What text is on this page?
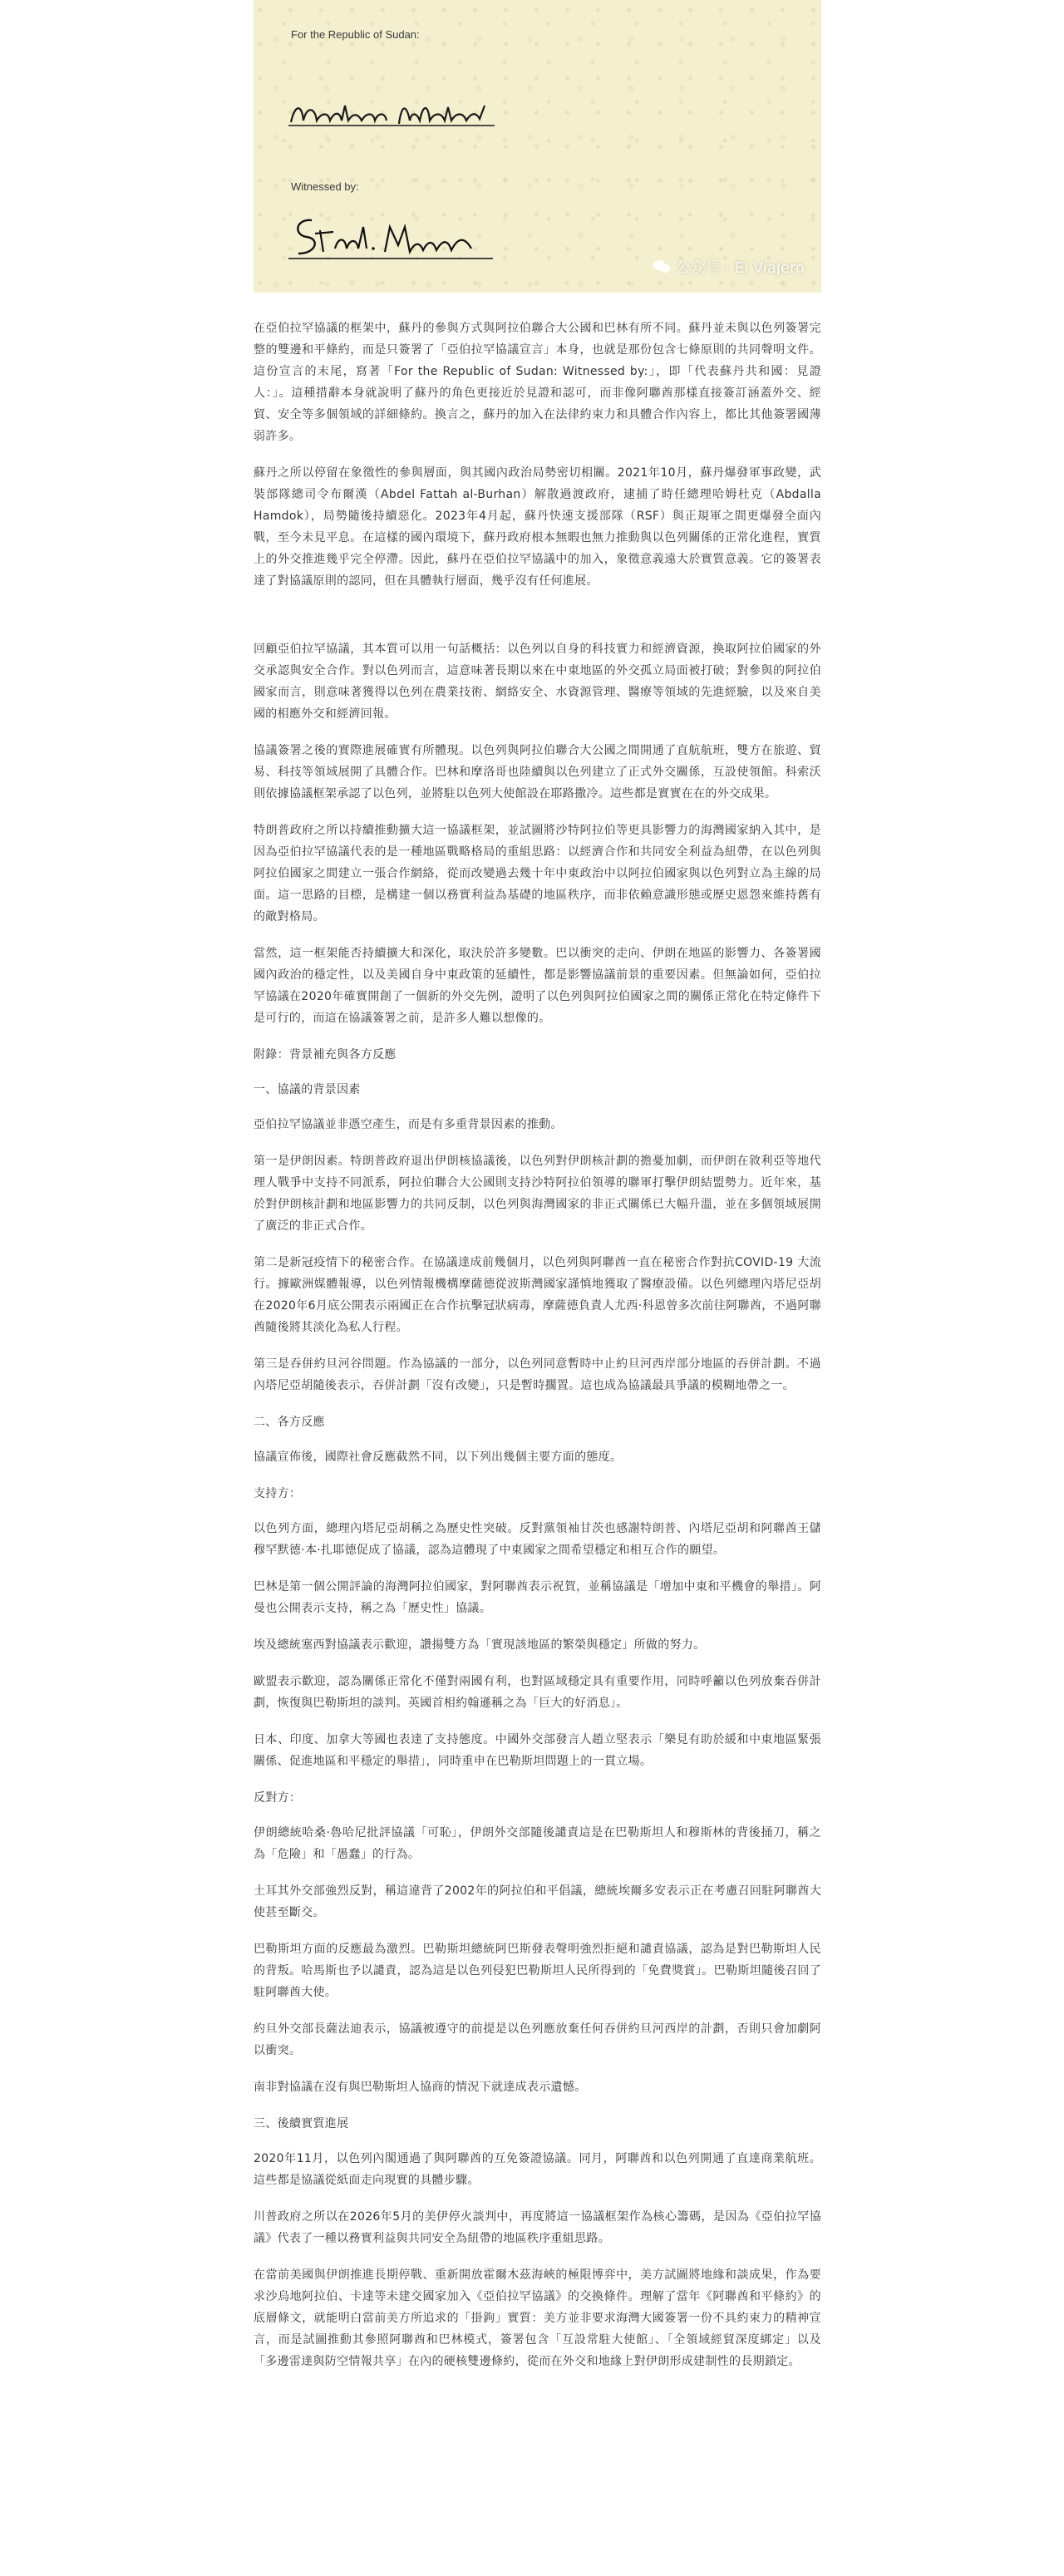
For the Republic of Sudan:
Witnessed by:
公众号 · El Viajero

在亞伯拉罕協議的框架中，蘇丹的參與方式與阿拉伯聯合大公國和巴林有所不同。蘇丹並未與以色列簽署完整的雙邊和平條約，而是只簽署了「亞伯拉罕協議宣言」本身，也就是那份包含七條原則的共同聲明文件。這份宣言的末尾，寫著「For the Republic of Sudan: Witnessed by:」，即「代表蘇丹共和國：見證人：」。這種措辭本身就說明了蘇丹的角色更接近於見證和認可，而非像阿聯酋那樣直接簽訂涵蓋外交、經貿、安全等多個領域的詳細條約。換言之，蘇丹的加入在法律約束力和具體合作內容上，都比其他簽署國薄弱許多。

蘇丹之所以停留在象徵性的參與層面，與其國內政治局勢密切相關。2021年10月，蘇丹爆發軍事政變，武裝部隊總司令布爾漢（Abdel Fattah al-Burhan）解散過渡政府，逮捕了時任總理哈姆杜克（Abdalla Hamdok），局勢隨後持續惡化。2023年4月起，蘇丹快速支援部隊（RSF）與正規軍之間更爆發全面內戰，至今未見平息。在這樣的國內環境下，蘇丹政府根本無暇也無力推動與以色列關係的正常化進程，實質上的外交推進幾乎完全停滯。因此，蘇丹在亞伯拉罕協議中的加入，象徵意義遠大於實質意義。它的簽署表達了對協議原則的認同，但在具體執行層面，幾乎沒有任何進展。

回顧亞伯拉罕協議，其本質可以用一句話概括：以色列以自身的科技實力和經濟資源，換取阿拉伯國家的外交承認與安全合作。對以色列而言，這意味著長期以來在中東地區的外交孤立局面被打破；對參與的阿拉伯國家而言，則意味著獲得以色列在農業技術、網絡安全、水資源管理、醫療等領域的先進經驗，以及來自美國的相應外交和經濟回報。

協議簽署之後的實際進展確實有所體現。以色列與阿拉伯聯合大公國之間開通了直航航班，雙方在旅遊、貿易、科技等領域展開了具體合作。巴林和摩洛哥也陸續與以色列建立了正式外交關係，互設使領館。科索沃則依據協議框架承認了以色列，並將駐以色列大使館設在耶路撒冷。這些都是實實在在的外交成果。

特朗普政府之所以持續推動擴大這一協議框架，並試圖將沙特阿拉伯等更具影響力的海灣國家納入其中，是因為亞伯拉罕協議代表的是一種地區戰略格局的重組思路：以經濟合作和共同安全利益為紐帶，在以色列與阿拉伯國家之間建立一張合作網絡，從而改變過去幾十年中東政治中以阿拉伯國家與以色列對立為主線的局面。這一思路的目標，是構建一個以務實利益為基礎的地區秩序，而非依賴意識形態或歷史恩怨來維持舊有的敵對格局。

當然，這一框架能否持續擴大和深化，取決於許多變數。巴以衝突的走向、伊朗在地區的影響力、各簽署國國內政治的穩定性，以及美國自身中東政策的延續性，都是影響協議前景的重要因素。但無論如何，亞伯拉罕協議在2020年確實開創了一個新的外交先例，證明了以色列與阿拉伯國家之間的關係正常化在特定條件下是可行的，而這在協議簽署之前，是許多人難以想像的。

附錄：背景補充與各方反應

一、協議的背景因素

亞伯拉罕協議並非憑空產生，而是有多重背景因素的推動。

第一是伊朗因素。特朗普政府退出伊朗核協議後，以色列對伊朗核計劃的擔憂加劇，而伊朗在敘利亞等地代理人戰爭中支持不同派系，阿拉伯聯合大公國則支持沙特阿拉伯領導的聯軍打擊伊朗結盟勢力。近年來，基於對伊朗核計劃和地區影響力的共同反制，以色列與海灣國家的非正式關係已大幅升溫，並在多個領域展開了廣泛的非正式合作。

第二是新冠疫情下的秘密合作。在協議達成前幾個月，以色列與阿聯酋一直在秘密合作對抗COVID-19 大流行。據歐洲媒體報導，以色列情報機構摩薩德從波斯灣國家謹慎地獲取了醫療設備。以色列總理內塔尼亞胡在2020年6月底公開表示兩國正在合作抗擊冠狀病毒，摩薩德負責人尤西·科恩曾多次前往阿聯酋，不過阿聯酋隨後將其淡化為私人行程。

第三是吞併約旦河谷問題。作為協議的一部分，以色列同意暫時中止約旦河西岸部分地區的吞併計劃。不過內塔尼亞胡隨後表示，吞併計劃「沒有改變」，只是暫時擱置。這也成為協議最具爭議的模糊地帶之一。

二、各方反應

協議宣佈後，國際社會反應截然不同，以下列出幾個主要方面的態度。

支持方：

以色列方面，總理內塔尼亞胡稱之為歷史性突破。反對黨領袖甘茨也感謝特朗普、內塔尼亞胡和阿聯酋王儲穆罕默德·本·扎耶德促成了協議，認為這體現了中東國家之間希望穩定和相互合作的願望。

巴林是第一個公開評論的海灣阿拉伯國家，對阿聯酋表示祝賀，並稱協議是「增加中東和平機會的舉措」。阿曼也公開表示支持，稱之為「歷史性」協議。

埃及總統塞西對協議表示歡迎，讚揚雙方為「實現該地區的繁榮與穩定」所做的努力。

歐盟表示歡迎，認為關係正常化不僅對兩國有利，也對區域穩定具有重要作用，同時呼籲以色列放棄吞併計劃，恢復與巴勒斯坦的談判。英國首相約翰遜稱之為「巨大的好消息」。

日本、印度、加拿大等國也表達了支持態度。中國外交部發言人趙立堅表示「樂見有助於緩和中東地區緊張關係、促進地區和平穩定的舉措」，同時重申在巴勒斯坦問題上的一貫立場。

反對方：

伊朗總統哈桑·魯哈尼批評協議「可恥」，伊朗外交部隨後譴責這是在巴勒斯坦人和穆斯林的背後捅刀，稱之為「危險」和「愚蠢」的行為。

土耳其外交部強烈反對，稱這違背了2002年的阿拉伯和平倡議，總統埃爾多安表示正在考慮召回駐阿聯酋大使甚至斷交。

巴勒斯坦方面的反應最為激烈。巴勒斯坦總統阿巴斯發表聲明強烈拒絕和譴責協議，認為是對巴勒斯坦人民的背叛。哈馬斯也予以譴責，認為這是以色列侵犯巴勒斯坦人民所得到的「免費獎賞」。巴勒斯坦隨後召回了駐阿聯酋大使。

約旦外交部長薩法迪表示，協議被遵守的前提是以色列應放棄任何吞併約旦河西岸的計劃，否則只會加劇阿以衝突。

南非對協議在沒有與巴勒斯坦人協商的情況下就達成表示遺憾。

三、後續實質進展

2020年11月，以色列內閣通過了與阿聯酋的互免簽證協議。同月，阿聯酋和以色列開通了直達商業航班。這些都是協議從紙面走向現實的具體步驟。

川普政府之所以在2026年5月的美伊停火談判中，再度將這一協議框架作為核心籌碼，是因為《亞伯拉罕協議》代表了一種以務實利益與共同安全為紐帶的地區秩序重組思路。

在當前美國與伊朗推進長期停戰、重新開放霍爾木茲海峽的極限博弈中，美方試圖將地緣和談成果，作為要求沙烏地阿拉伯、卡達等未建交國家加入《亞伯拉罕協議》的交換條件。理解了當年《阿聯酋和平條約》的底層條文，就能明白當前美方所追求的「掛鉤」實質：美方並非要求海灣大國簽署一份不具約束力的精神宣言，而是試圖推動其參照阿聯酋和巴林模式，簽署包含「互設常駐大使館」、「全領域經貿深度綁定」以及「多邊雷達與防空情報共享」在內的硬核雙邊條約，從而在外交和地緣上對伊朗形成建制性的長期鎖定。
